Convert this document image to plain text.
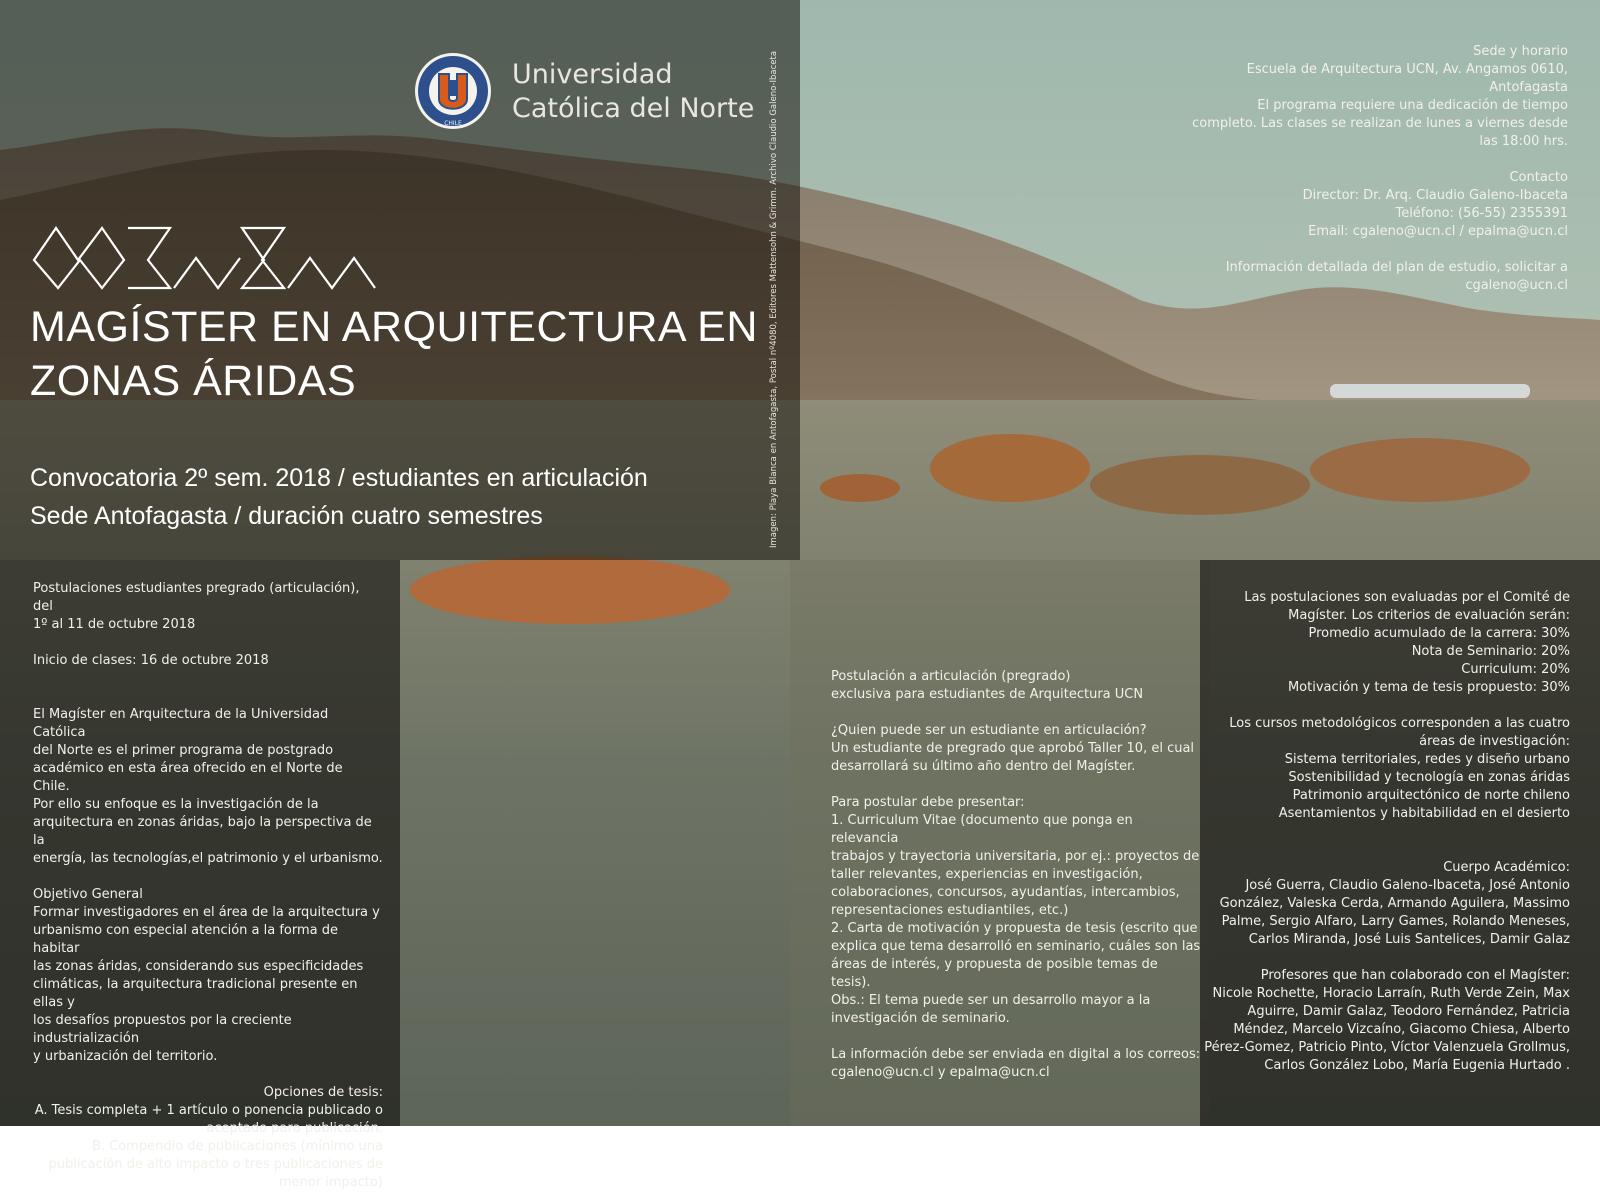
CHILE
Universidad
Católica del Norte
MAGÍSTER EN ARQUITECTURA EN
ZONAS ÁRIDAS
Convocatoria 2º sem. 2018 / estudiantes en articulación
Sede Antofagasta / duración cuatro semestres	Imagen: Playa Blanca en Antofagasta, Postal nº4080, Editores Mattensohn & Grimm. Archivo Claudio Galeno-Ibaceta	Sede y horario

Escuela de Arquitectura UCN, Av. Angamos 0610,

Antofagasta

El programa requiere una dedicación de tiempo

completo. Las clases se realizan de lunes a viernes desde

las 18:00 hrs.

Contacto

Director: Dr. Arq. Claudio Galeno-Ibaceta

Teléfono: (56-55) 2355391

Email: cgaleno@ucn.cl / epalma@ucn.cl

Información detallada del plan de estudio, solicitar a

cgaleno@ucn.cl

Postulaciones estudiantes pregrado (articulación), del

1º al 11 de octubre 2018

Inicio de clases: 16 de octubre 2018

El Magíster en Arquitectura de la Universidad Católica

del Norte es el primer programa de postgrado

académico en esta área ofrecido en el Norte de Chile.

Por ello su enfoque es la investigación de la

arquitectura en zonas áridas, bajo la perspectiva de la

energía, las tecnologías,el patrimonio y el urbanismo.

Objetivo General

Formar investigadores en el área de la arquitectura y

urbanismo con especial atención a la forma de habitar

las zonas áridas, considerando sus especificidades

climáticas, la arquitectura tradicional presente en ellas y

los desafíos propuestos por la creciente industrialización

y urbanización del territorio.

Opciones de tesis:

A. Tesis completa + 1 artículo o ponencia publicado o

aceptado para publicación.

B. Compendio de publicaciones (mínimo una

publicación de alto impacto o tres publicaciones de

menor impacto)

Postulación a articulación (pregrado)

exclusiva para estudiantes de Arquitectura UCN

¿Quien puede ser un estudiante en articulación?

Un estudiante de pregrado que aprobó Taller 10, el cual

desarrollará su último año dentro del Magíster.

Para postular debe presentar:

1. Curriculum Vitae (documento que ponga en relevancia

trabajos y trayectoria universitaria, por ej.: proyectos de

taller relevantes, experiencias en investigación,

colaboraciones, concursos, ayudantías, intercambios,

representaciones estudiantiles, etc.)

2. Carta de motivación y propuesta de tesis (escrito que

explica que tema desarrolló en seminario, cuáles son las

áreas de interés, y propuesta de posible temas de tesis).

Obs.: El tema puede ser un desarrollo mayor a la

investigación de seminario.

La información debe ser enviada en digital a los correos:

cgaleno@ucn.cl y epalma@ucn.cl

Las postulaciones son evaluadas por el Comité de

Magíster. Los criterios de evaluación serán:

Promedio acumulado de la carrera: 30%

Nota de Seminario: 20%

Curriculum: 20%

Motivación y tema de tesis propuesto: 30%

Los cursos metodológicos corresponden a las cuatro

áreas de investigación:

Sistema territoriales, redes y diseño urbano

Sostenibilidad y tecnología en zonas áridas

Patrimonio arquitectónico de norte chileno

Asentamientos y habitabilidad en el desierto

Cuerpo Académico:

José Guerra, Claudio Galeno-Ibaceta, José Antonio

González, Valeska Cerda, Armando Aguilera, Massimo

Palme, Sergio Alfaro, Larry Games, Rolando Meneses,

Carlos Miranda, José Luis Santelices, Damir Galaz

Profesores que han colaborado con el Magíster:

Nicole Rochette, Horacio Larraín, Ruth Verde Zein, Max

Aguirre, Damir Galaz, Teodoro Fernández, Patricia

Méndez, Marcelo Vizcaíno, Giacomo Chiesa, Alberto

Pérez-Gomez, Patricio Pinto, Víctor Valenzuela Grollmus,

Carlos González Lobo, María Eugenia Hurtado .
